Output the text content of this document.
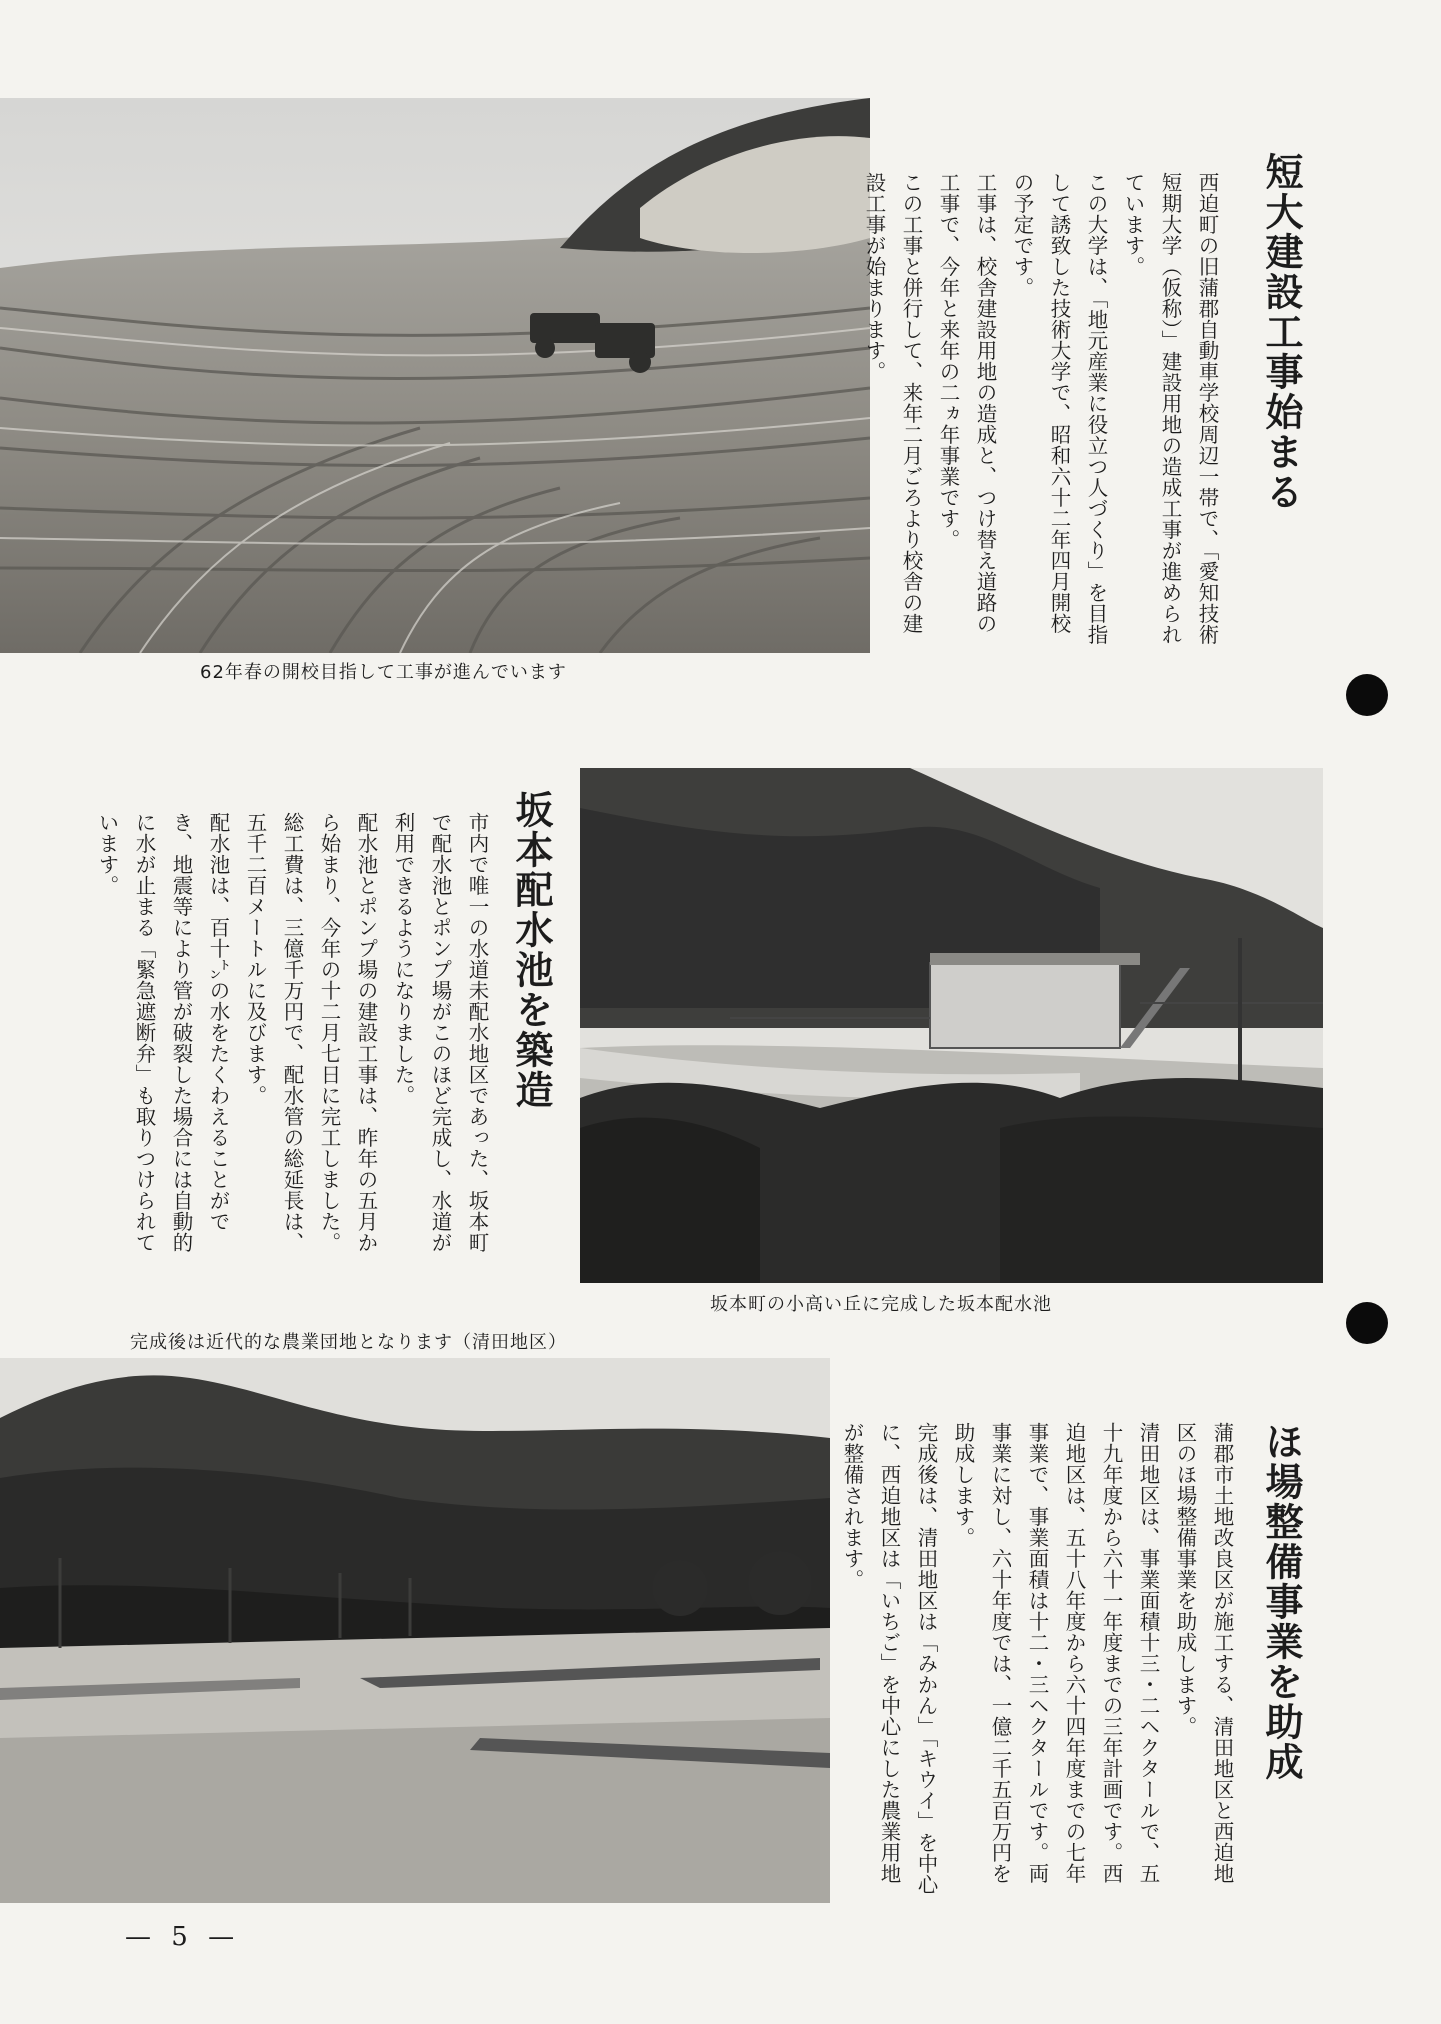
62年春の開校目指して工事が進んでいます
短大建設工事始まる

西迫町の旧蒲郡自動車学校周辺一帯で、「愛知技術短期大学（仮称）」建設用地の造成工事が進められています。

この大学は、「地元産業に役立つ人づくり」を目指して誘致した技術大学で、昭和六十二年四月開校の予定です。

工事は、校舎建設用地の造成と、つけ替え道路の工事で、今年と来年の二ヵ年事業です。

この工事と併行して、来年二月ごろより校舎の建設工事が始まります。

坂本町の小高い丘に完成した坂本配水池
坂本配水池を築造

市内で唯一の水道未配水地区であった、坂本町で配水池とポンプ場がこのほど完成し、水道が利用できるようになりました。

配水池とポンプ場の建設工事は、昨年の五月から始まり、今年の十二月七日に完工しました。総工費は、三億千万円で、配水管の総延長は、五千二百メートルに及びます。

配水池は、百十㌧の水をたくわえることができ、地震等により管が破裂した場合には自動的に水が止まる「緊急遮断弁」も取りつけられています。

完成後は近代的な農業団地となります（清田地区）
ほ場整備事業を助成

蒲郡市土地改良区が施工する、清田地区と西迫地区のほ場整備事業を助成します。

清田地区は、事業面積十三・二ヘクタールで、五十九年度から六十一年度までの三年計画です。西迫地区は、五十八年度から六十四年度までの七年事業で、事業面積は十二・三ヘクタールです。両事業に対し、六十年度では、一億二千五百万円を助成します。

完成後は、清田地区は「みかん」「キウイ」を中心に、西迫地区は「いちご」を中心にした農業用地が整備されます。

— 5 —
